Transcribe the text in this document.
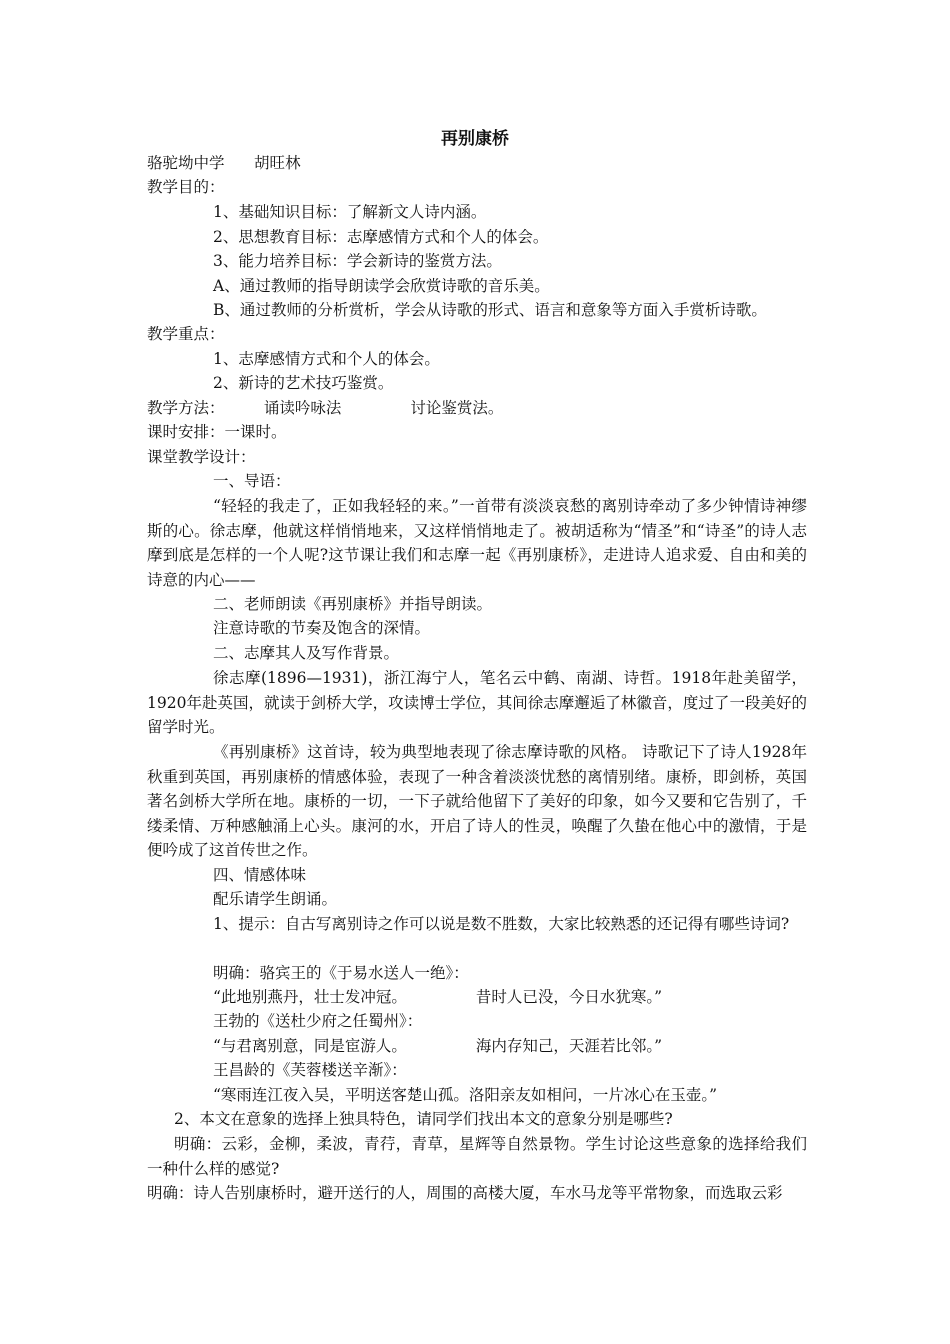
再别康桥
骆驼坳中学      胡旺林
教学目的：
1、基础知识目标：了解新文人诗内涵。
2、思想教育目标：志摩感情方式和个人的体会。
3、能力培养目标：学会新诗的鉴赏方法。
A、通过教师的指导朗读学会欣赏诗歌的音乐美。
B、通过教师的分析赏析，学会从诗歌的形式、语言和意象等方面入手赏析诗歌。
教学重点：
1、志摩感情方式和个人的体会。
2、新诗的艺术技巧鉴赏。
教学方法：        诵读吟咏法              讨论鉴赏法。
课时安排：一课时。
课堂教学设计：
一、导语：
“轻轻的我走了，正如我轻轻的来。”一首带有淡淡哀愁的离别诗牵动了多少钟情诗神缪斯的心。徐志摩，他就这样悄悄地来，又这样悄悄地走了。被胡适称为“情圣”和“诗圣”的诗人志摩到底是怎样的一个人呢?这节课让我们和志摩一起《再别康桥》，走进诗人追求爱、自由和美的诗意的内心——
二、老师朗读《再别康桥》并指导朗读。
注意诗歌的节奏及饱含的深情。
二、志摩其人及写作背景。
徐志摩(1896—1931)，浙江海宁人，笔名云中鹤、南湖、诗哲。1918年赴美留学，1920年赴英国，就读于剑桥大学，攻读博士学位，其间徐志摩邂逅了林徽音，度过了一段美好的留学时光。
《再别康桥》这首诗，较为典型地表现了徐志摩诗歌的风格。 诗歌记下了诗人1928年秋重到英国，再别康桥的情感体验，表现了一种含着淡淡忧愁的离情别绪。康桥，即剑桥，英国著名剑桥大学所在地。康桥的一切，一下子就给他留下了美好的印象，如今又要和它告别了，千缕柔情、万种感触涌上心头。康河的水，开启了诗人的性灵，唤醒了久蛰在他心中的激情，于是便吟成了这首传世之作。
四、情感体味
配乐请学生朗诵。
1、提示：自古写离别诗之作可以说是数不胜数，大家比较熟悉的还记得有哪些诗词?
明确：骆宾王的《于易水送人一绝》：
“此地别燕丹，壮士发冲冠。              昔时人已没，今日水犹寒。”
王勃的《送杜少府之任蜀州》：
“与君离别意，同是宦游人。              海内存知己，天涯若比邻。”
王昌龄的《芙蓉楼送辛渐》：
“寒雨连江夜入吴，平明送客楚山孤。洛阳亲友如相问，一片冰心在玉壶。”
2、本文在意象的选择上独具特色，请同学们找出本文的意象分别是哪些?
明确：云彩，金柳，柔波，青荇，青草，星辉等自然景物。学生讨论这些意象的选择给我们一种什么样的感觉?
明确：诗人告别康桥时，避开送行的人，周围的高楼大厦，车水马龙等平常物象，而选取云彩
